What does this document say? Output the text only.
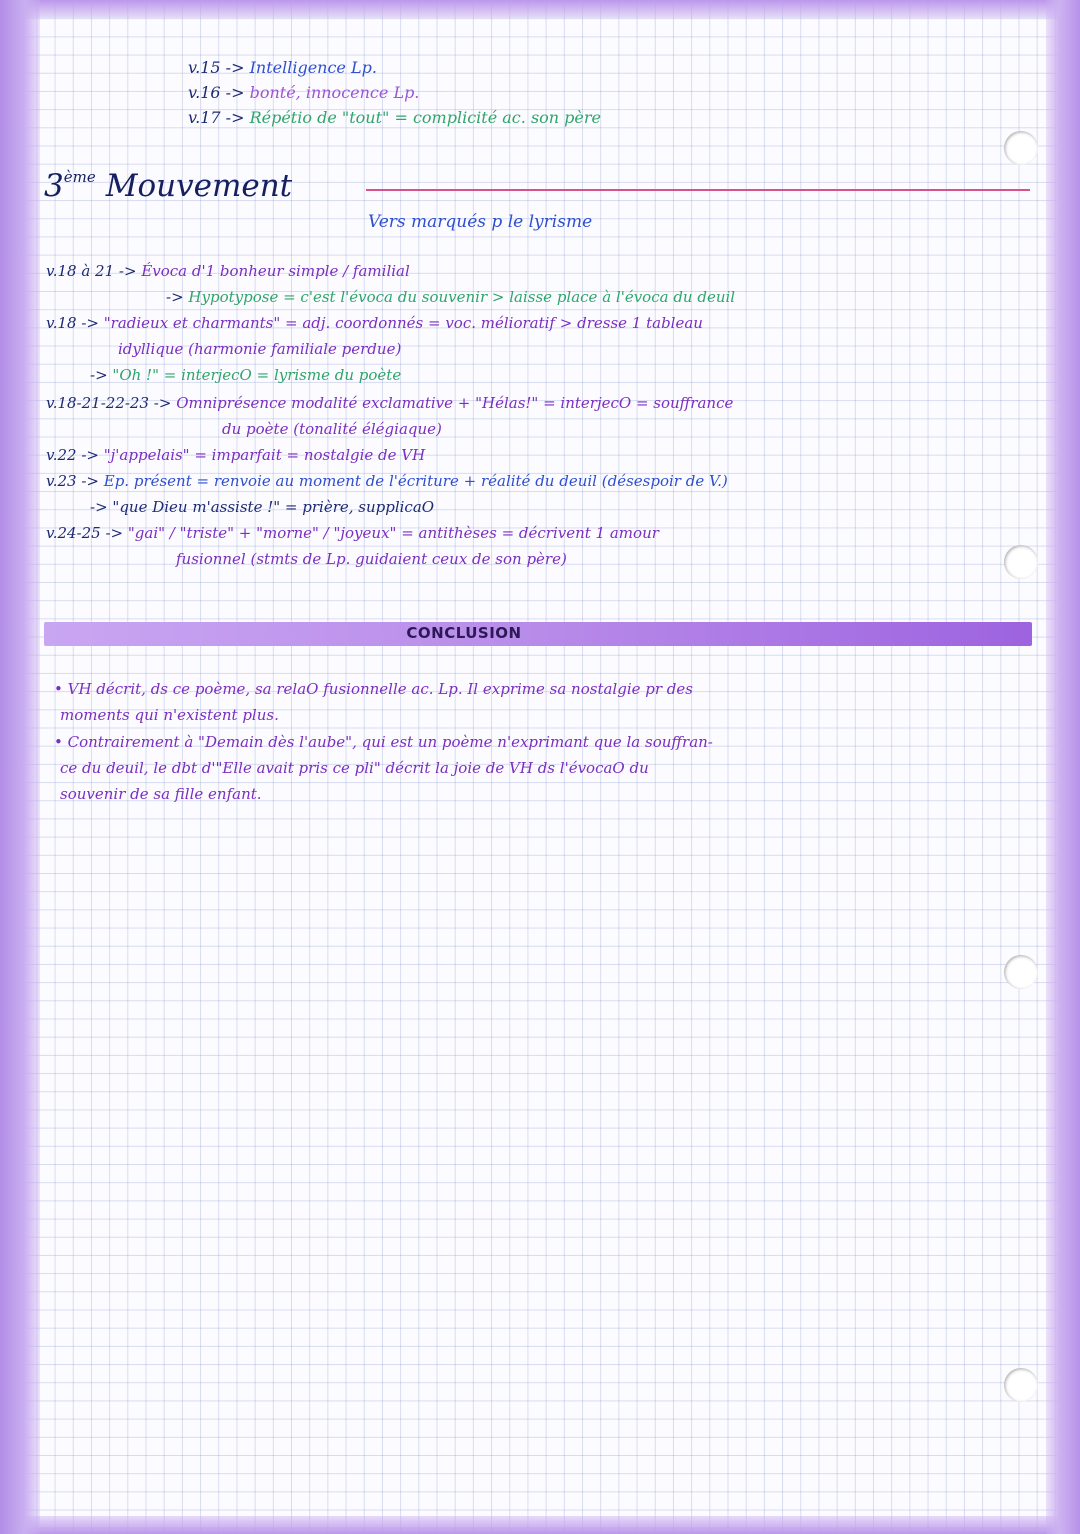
v.15 -> Intelligence Lp.
v.16 -> bonté, innocence Lp.
v.17 -> Répétio de "tout" = complicité ac. son père
3ème Mouvement
Vers marqués p le lyrisme
v.18 à 21 -> Évoca d'1 bonheur simple / familial
-> Hypotypose = c'est l'évoca du souvenir > laisse place à l'évoca du deuil
v.18 -> "radieux et charmants" = adj. coordonnés = voc. mélioratif > dresse 1 tableau
idyllique (harmonie familiale perdue)
-> "Oh !" = interjecO = lyrisme du poète
v.18-21-22-23 -> Omniprésence modalité exclamative + "Hélas!" = interjecO = souffrance
du poète (tonalité élégiaque)
v.22 -> "j'appelais" = imparfait = nostalgie de VH
v.23 -> Ep. présent = renvoie au moment de l'écriture + réalité du deuil (désespoir de V.)
-> "que Dieu m'assiste !" = prière, supplicaO
v.24-25 -> "gai" / "triste" + "morne" / "joyeux" = antithèses = décrivent 1 amour
fusionnel (stmts de Lp. guidaient ceux de son père)
CONCLUSION
• VH décrit, ds ce poème, sa relaO fusionnelle ac. Lp. Il exprime sa nostalgie pr des
moments qui n'existent plus.
• Contrairement à "Demain dès l'aube", qui est un poème n'exprimant que la souffran-
ce du deuil, le dbt d'"Elle avait pris ce pli" décrit la joie de VH ds l'évocaO du
souvenir de sa fille enfant.
